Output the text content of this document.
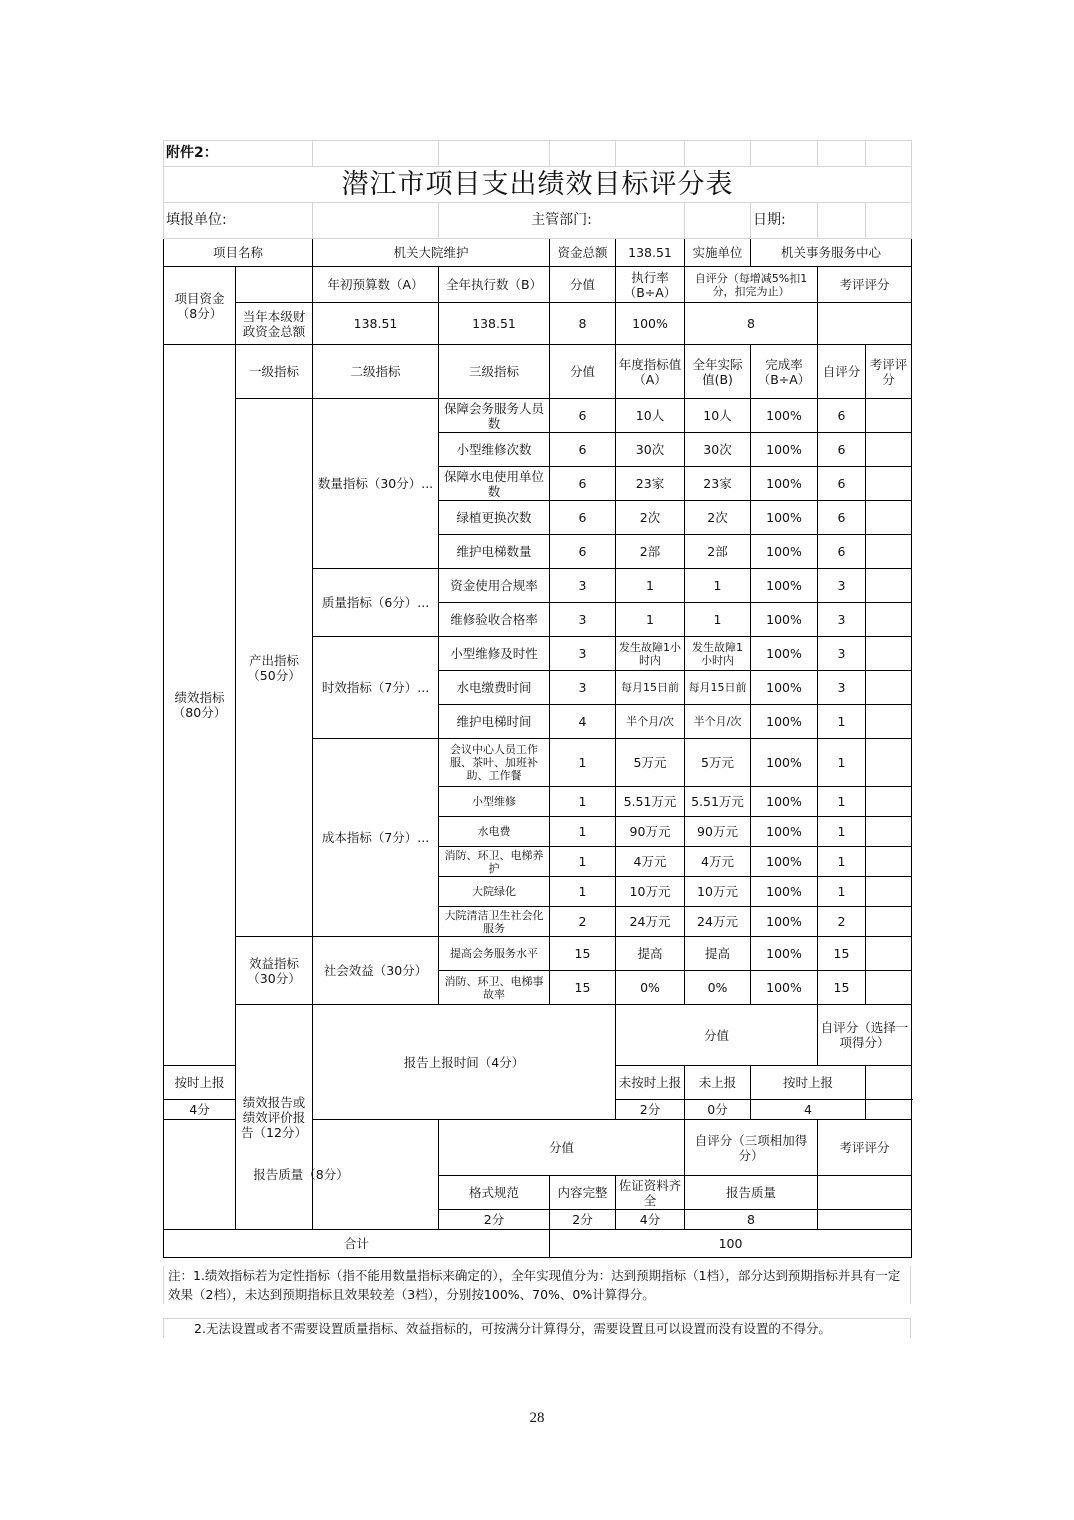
附件2：										
潜江市项目支出绩效目标评分表										
填报单位:			主管部门:				日期:			
项目名称		机关大院维护		资金总额	138.51	实施单位	机关事务服务中心			
项目资金（8分）		年初预算数（A）	全年执行数（B）	分值	执行率（B÷A）	自评分（每增减5%扣1分，扣完为止）		考评评分		
	当年本级财政资金总额	138.51	138.51	8	100%	8				
绩效指标（80分）	一级指标	二级指标	三级指标	分值	年度指标值（A）	全年实际值(B)	完成率（B÷A）	自评分	考评评分	
	产出指标（50分）	数量指标（30分）...	保障会务服务人员数	6	10人	10人	100%	6		
			小型维修次数	6	30次	30次	100%	6		
			保障水电使用单位数	6	23家	23家	100%	6		
			绿植更换次数	6	2次	2次	100%	6		
			维护电梯数量	6	2部	2部	100%	6		
		质量指标（6分）...	资金使用合规率	3	1	1	100%	3		
			维修验收合格率	3	1	1	100%	3		
		时效指标（7分）...	小型维修及时性	3	发生故障1小时内	发生故障1小时内	100%	3		
			水电缴费时间	3	每月15日前	每月15日前	100%	3		
			维护电梯时间	4	半个月/次	半个月/次	100%	1		
		成本指标（7分）...	会议中心人员工作服、茶叶、加班补助、工作餐	1	5万元	5万元	100%	1		
			小型维修	1	5.51万元	5.51万元	100%	1		
			水电费	1	90万元	90万元	100%	1		
			消防、环卫、电梯养护	1	4万元	4万元	100%	1		
			大院绿化	1	10万元	10万元	100%	1		
			大院清洁卫生社会化服务	2	24万元	24万元	100%	2		
	效益指标（30分）	社会效益（30分）	提高会务服务水平	15	提高	提高	100%	15		
			消防、环卫、电梯事故率	15	0%	0%	100%	15		
	绩效报告或绩效评价报告（12分）	报告上报时间（4分）			分值			自评分（选择一项得分）		
按时上报					未按时上报	未上报	按时上报			
4分					2分	0分	4			
报告质量（8分）			分值			自评分（三项相加得分）		考评评分		
			格式规范	内容完整	佐证资料齐全	报告质量				
			2分	2分	4分	8				
合计				100						
注：1.绩效指标若为定性指标（指不能用数量指标来确定的），全年实现值分为：达到预期指标（1档），部分达到预期指标并具有一定效果（2档），未达到预期指标且效果较差（3档），分别按100%、70%、0%计算得分。
2.无法设置或者不需要设置质量指标、效益指标的，可按满分计算得分，需要设置且可以设置而没有设置的不得分。
28
